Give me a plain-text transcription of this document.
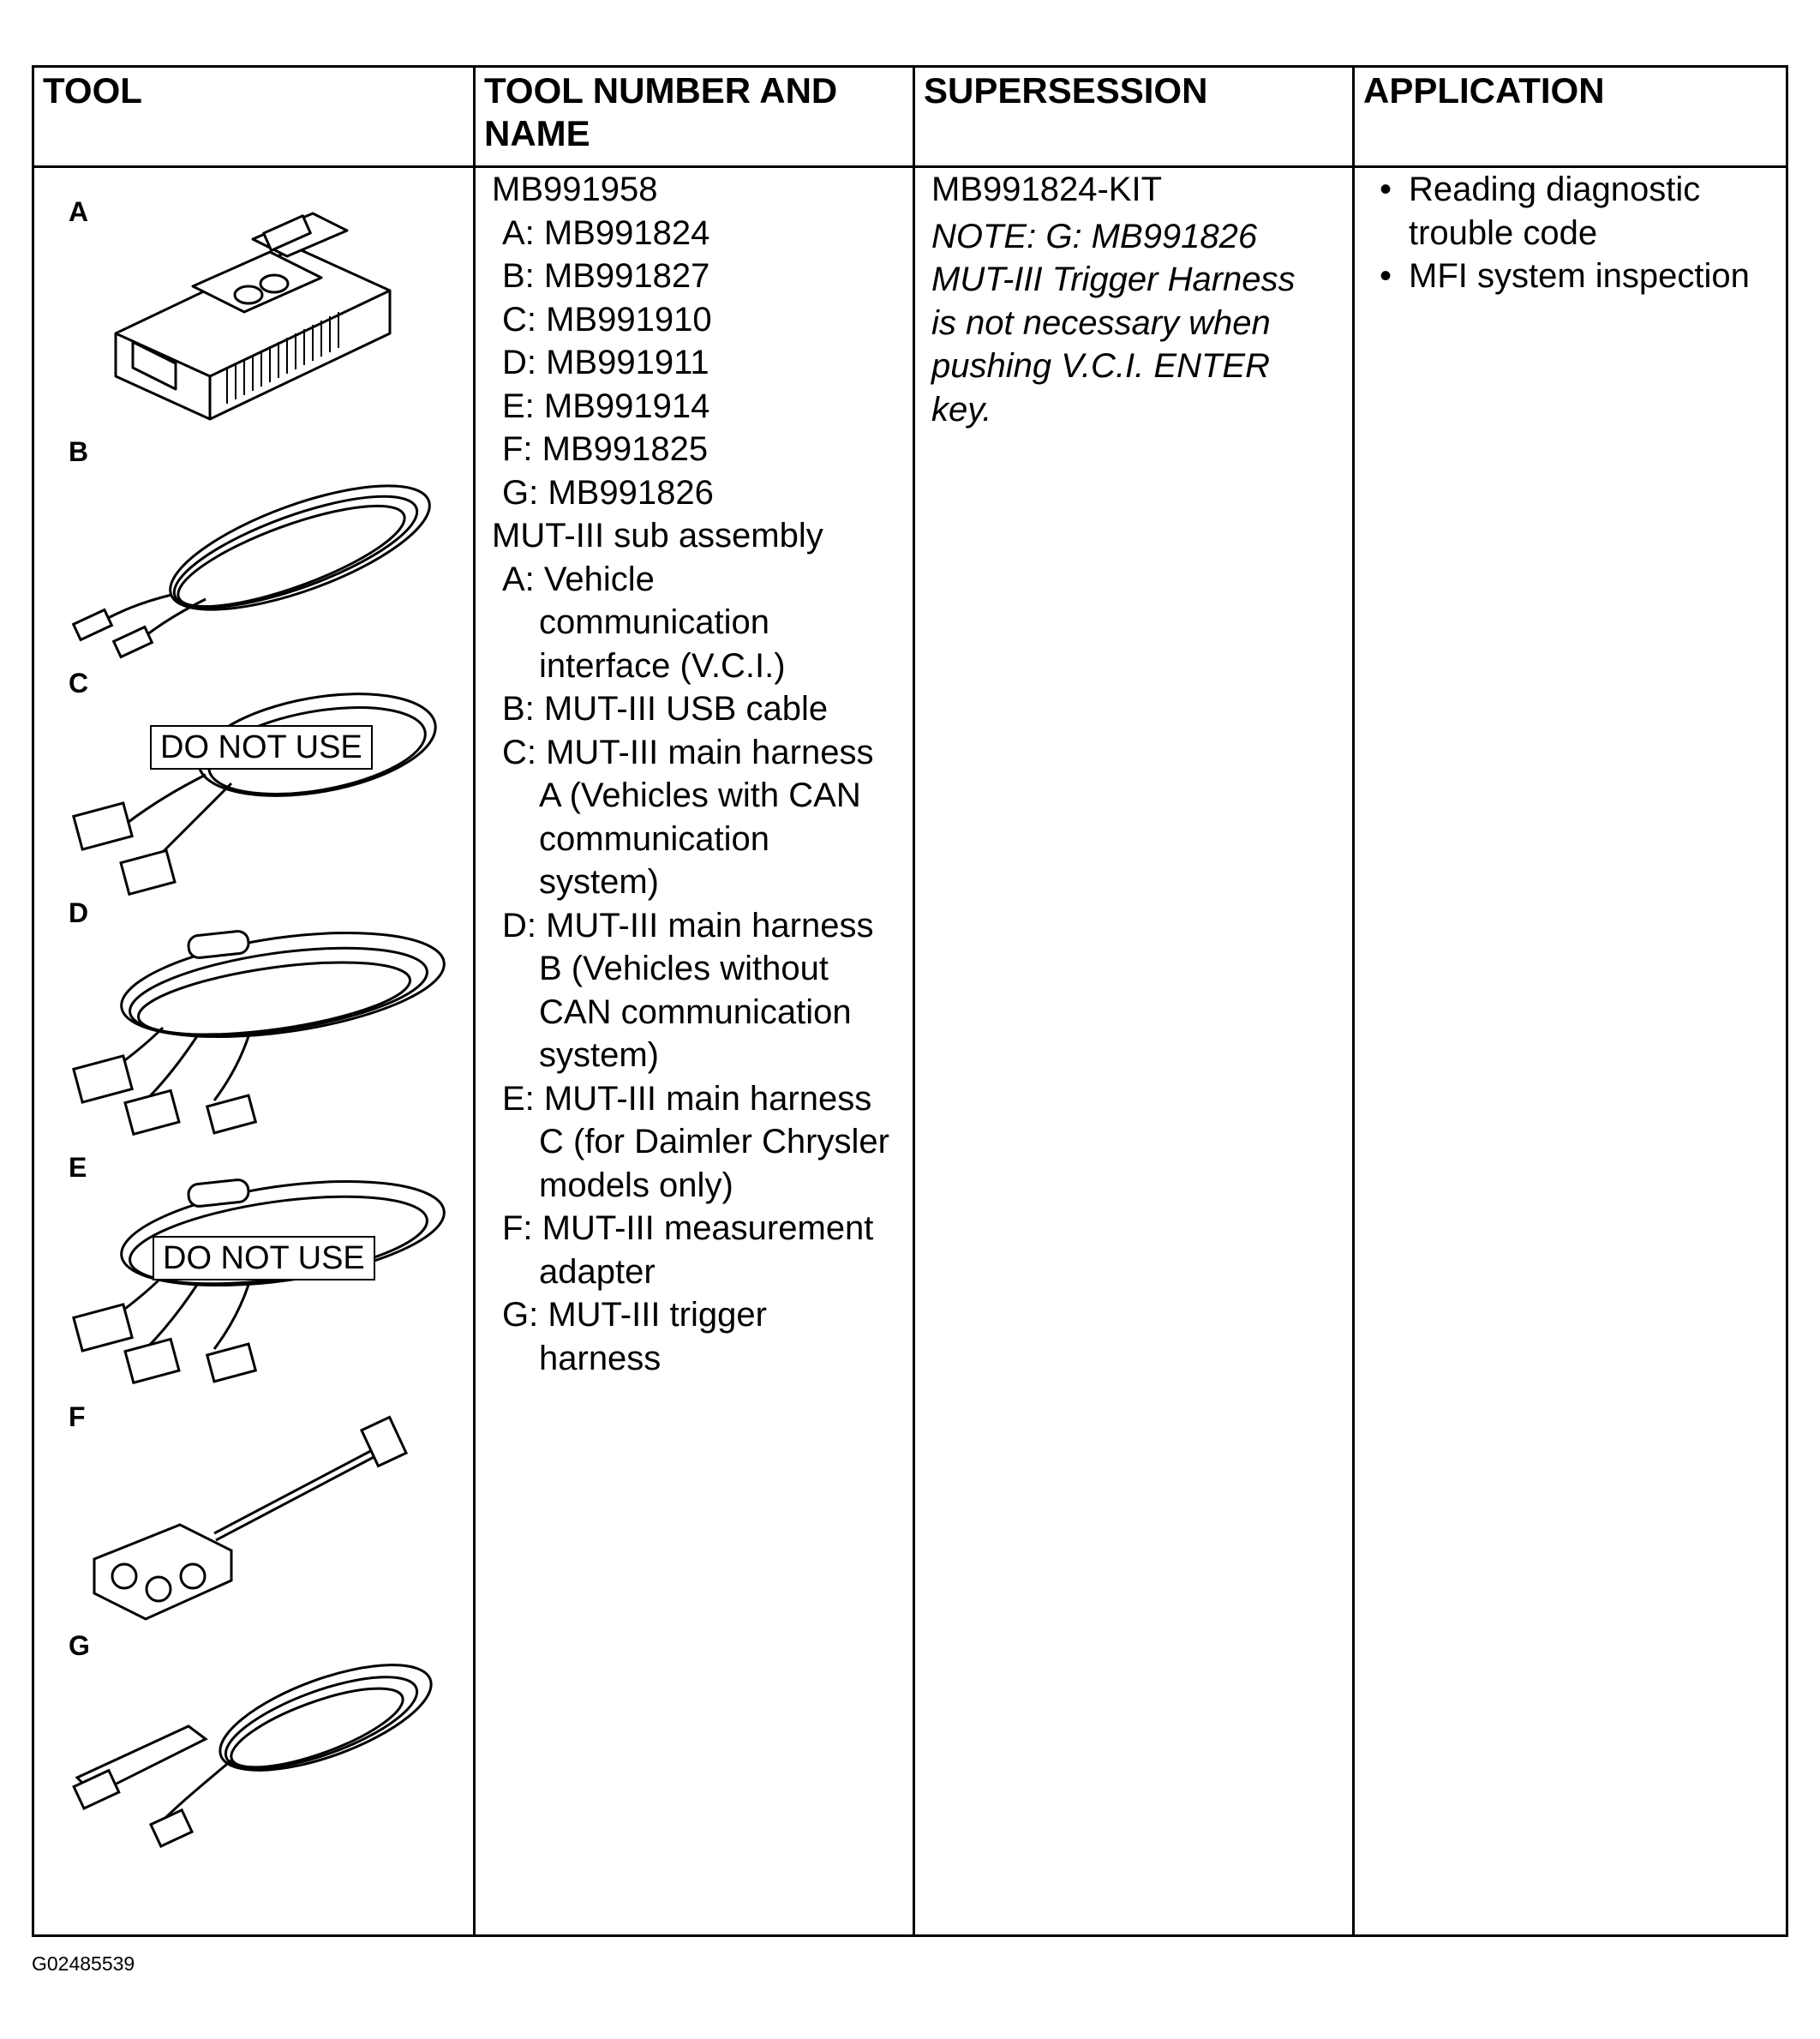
TOOL	TOOL NUMBER AND
NAME
SUPERSESSION	APPLICATION
A
B
C
D
E
F
G
DO NOT USE
DO NOT USE
MB991958
A: MB991824
B: MB991827
C: MB991910
D: MB991911
E: MB991914
F: MB991825
G: MB991826
MUT-III sub assembly
A: Vehicle
communication
interface (V.C.I.)
B: MUT-III USB cable
C: MUT-III main harness
A (Vehicles with CAN
communication
system)
D: MUT-III main harness
B (Vehicles without
CAN communication
system)
E: MUT-III main harness
C (for Daimler Chrysler
models only)
F: MUT-III measurement
adapter
G: MUT-III trigger
harness
MB991824-KIT
NOTE: G: MB991826
MUT-III Trigger Harness
is not necessary when
pushing V.C.I. ENTER
key.
• Reading diagnostic
trouble code
• MFI system inspection
G02485539
